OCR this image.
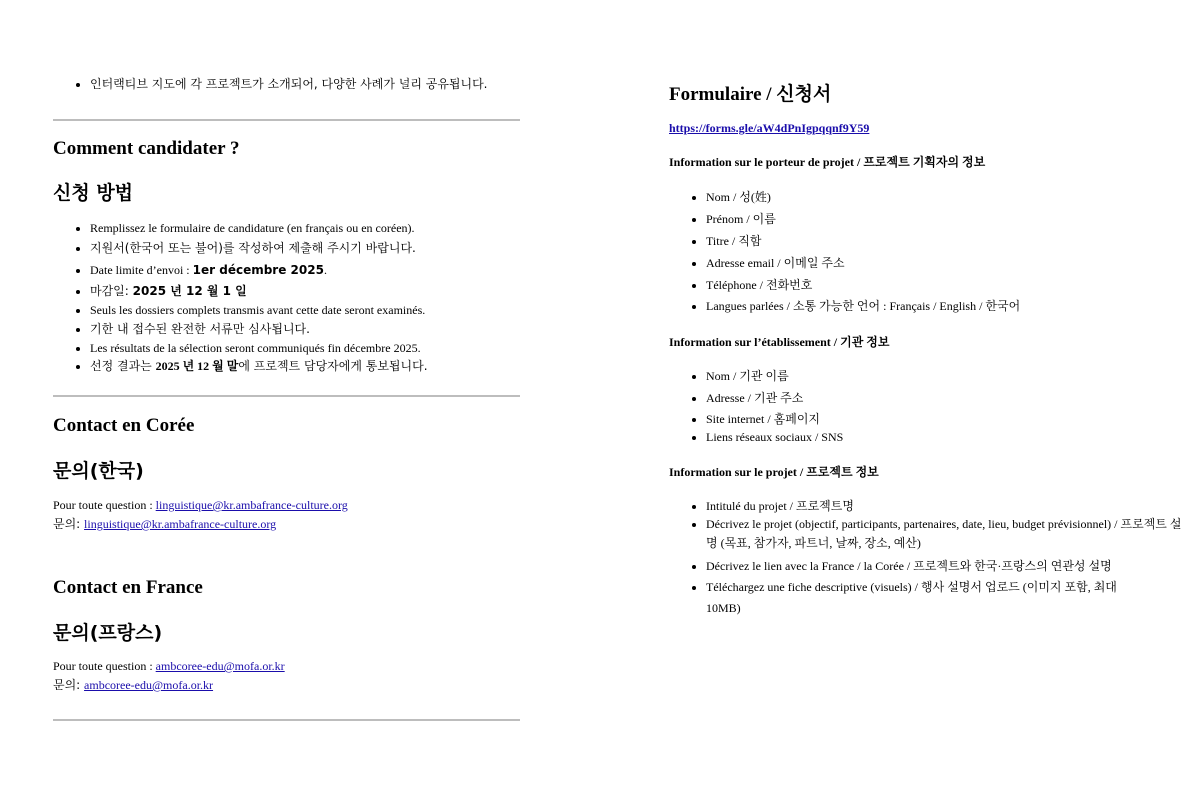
• 인터랙티브 지도에 각 프로젝트가 소개되어, 다양한 사례가 널리 공유됩니다.
Comment candidater ?
신청 방법
• Remplissez le formulaire de candidature (en français ou en coréen).
• 지원서(한국어 또는 불어)를 작성하여 제출해 주시기 바랍니다.
• Date limite d’envoi : 1er décembre 2025.
• 마감일: 2025 년 12 월 1 일
• Seuls les dossiers complets transmis avant cette date seront examinés.
• 기한 내 접수된 완전한 서류만 심사됩니다.
• Les résultats de la sélection seront communiqués fin décembre 2025.
• 선정 결과는 2025 년 12 월 말에 프로젝트 담당자에게 통보됩니다.
Contact en Corée
문의(한국)
Pour toute question : linguistique@kr.ambafrance-culture.org
문의: linguistique@kr.ambafrance-culture.org
Contact en France
문의(프랑스)
Pour toute question : ambcoree-edu@mofa.or.kr
문의: ambcoree-edu@mofa.or.kr
Formulaire / 신청서
https://forms.gle/aW4dPnIgpqqnf9Y59
Information sur le porteur de projet / 프로젝트 기획자의 정보
• Nom / 성(姓)
• Prénom / 이름
• Titre / 직함
• Adresse email / 이메일 주소
• Téléphone / 전화번호
• Langues parlées / 소통 가능한 언어 : Français / English / 한국어
Information sur l’établissement / 기관 정보
• Nom / 기관 이름
• Adresse / 기관 주소
• Site internet / 홈페이지
• Liens réseaux sociaux / SNS
Information sur le projet / 프로젝트 정보
• Intitulé du projet / 프로젝트명
• Décrivez le projet (objectif, participants, partenaires, date, lieu, budget prévisionnel) / 프로젝트 설명 (목표, 참가자, 파트너, 날짜, 장소, 예산)
• Décrivez le lien avec la France / la Corée / 프로젝트와 한국·프랑스의 연관성 설명
• Téléchargez une fiche descriptive (visuels) / 행사 설명서 업로드 (이미지 포함, 최대 10MB)
